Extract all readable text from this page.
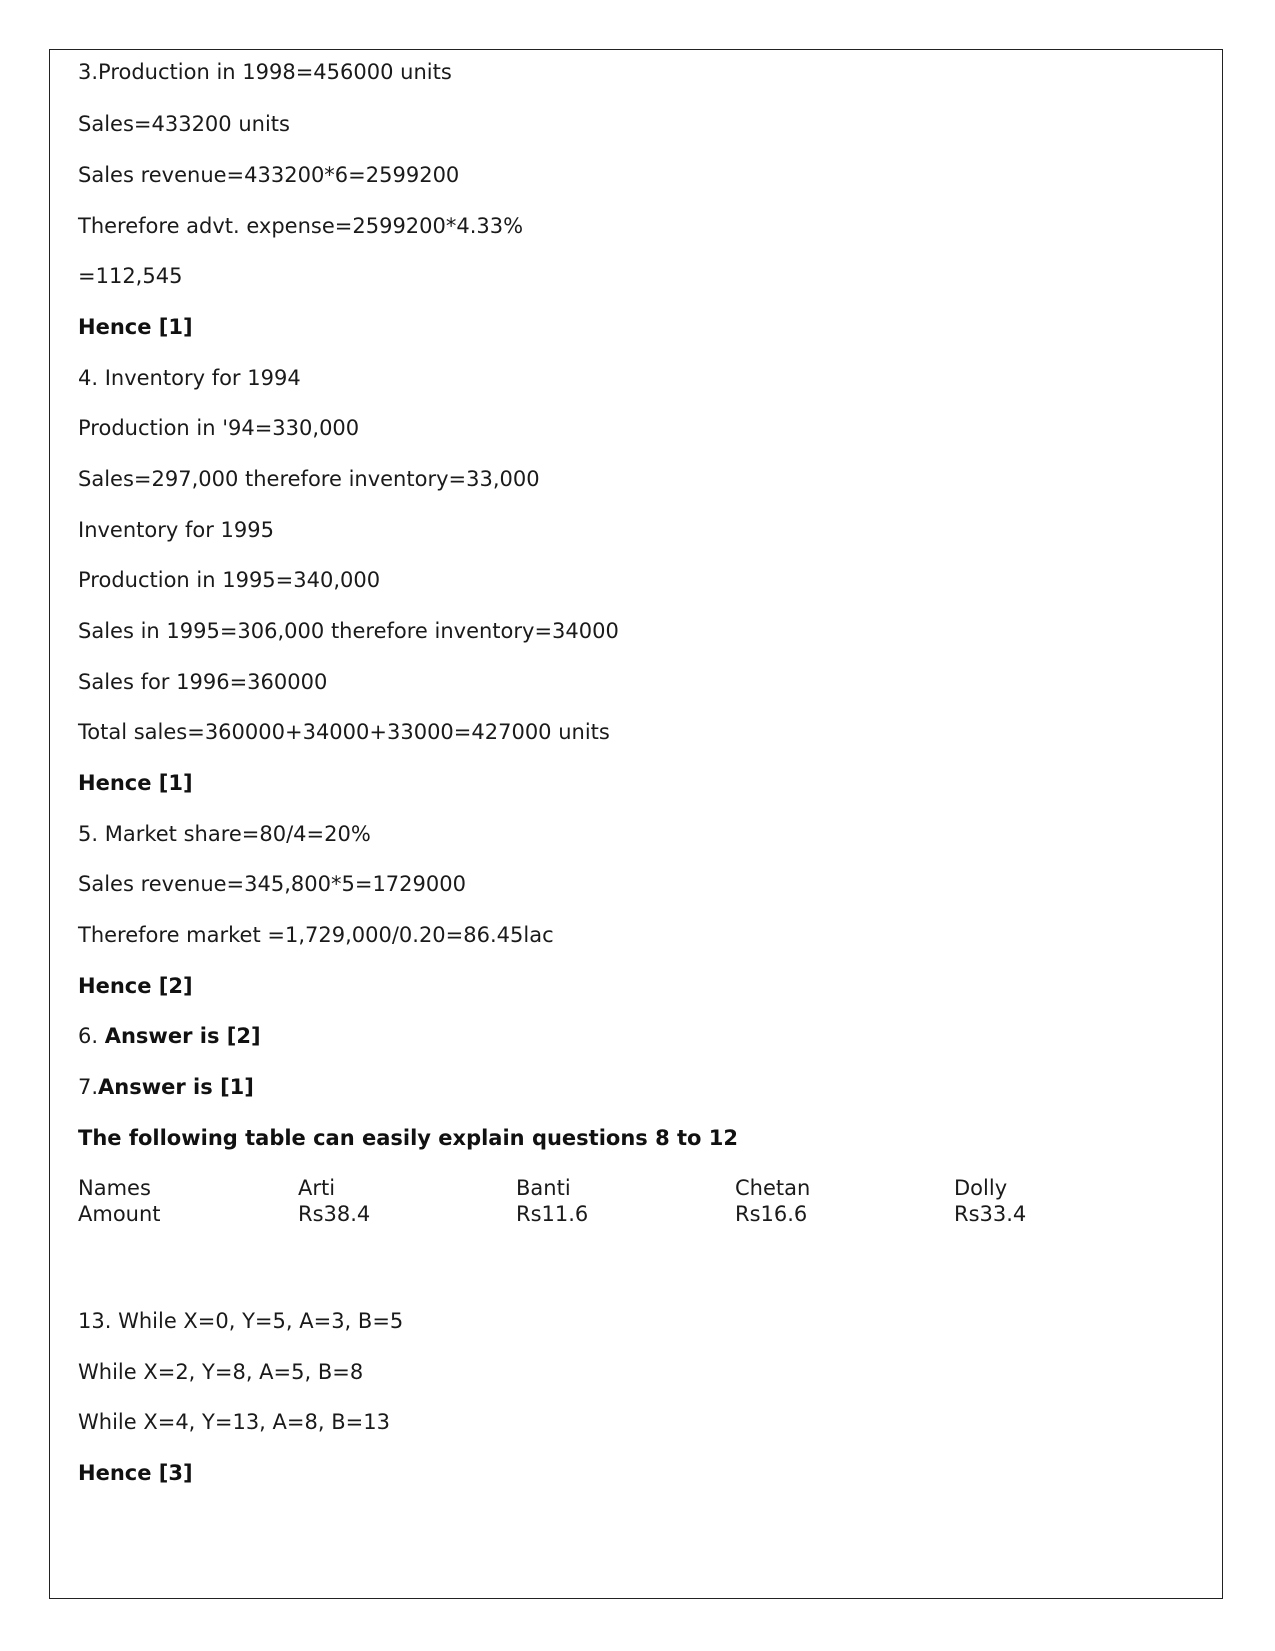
3.Production in 1998=456000 units
Sales=433200 units
Sales revenue=433200*6=2599200
Therefore advt. expense=2599200*4.33%
=112,545
Hence [1]
4. Inventory for 1994
Production in '94=330,000
Sales=297,000 therefore inventory=33,000
Inventory for 1995
Production in 1995=340,000
Sales in 1995=306,000 therefore inventory=34000
Sales for 1996=360000
Total sales=360000+34000+33000=427000 units
Hence [1]
5. Market share=80/4=20%
Sales revenue=345,800*5=1729000
Therefore market =1,729,000/0.20=86.45lac
Hence [2]
6. Answer is [2]
7.Answer is [1]
The following table can easily explain questions 8 to 12
Names	Arti	Banti	Chetan	Dolly
Amount	Rs38.4	Rs11.6	Rs16.6	Rs33.4
13. While X=0, Y=5, A=3, B=5
While X=2, Y=8, A=5, B=8
While X=4, Y=13, A=8, B=13
Hence [3]
